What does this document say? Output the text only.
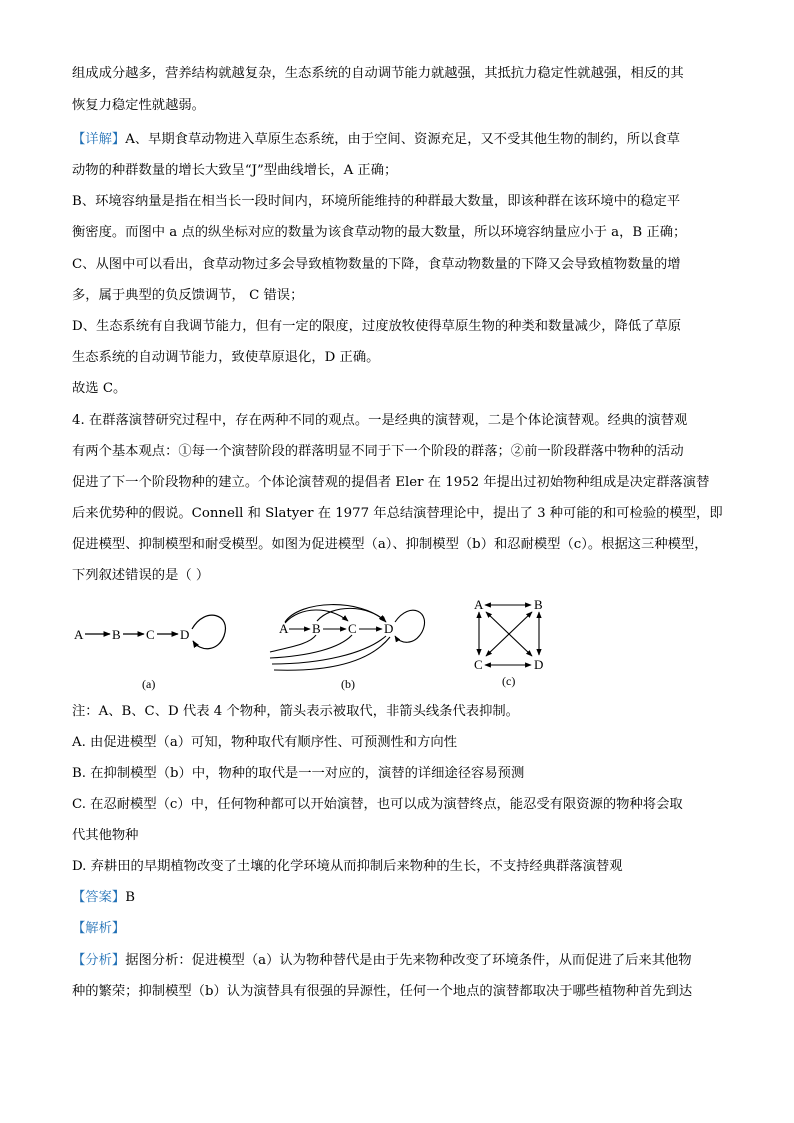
组成成分越多，营养结构就越复杂，生态系统的自动调节能力就越强，其抵抗力稳定性就越强，相反的其
恢复力稳定性就越弱。
【详解】A、早期食草动物进入草原生态系统，由于空间、资源充足，又不受其他生物的制约，所以食草
动物的种群数量的增长大致呈“J”型曲线增长，A 正确；
B、环境容纳量是指在相当长一段时间内，环境所能维持的种群最大数量，即该种群在该环境中的稳定平
衡密度。而图中 a 点的纵坐标对应的数量为该食草动物的最大数量，所以环境容纳量应小于 a，B 正确；
C、从图中可以看出，食草动物过多会导致植物数量的下降，食草动物数量的下降又会导致植物数量的增
多，属于典型的负反馈调节， C 错误；
D、生态系统有自我调节能力，但有一定的限度，过度放牧使得草原生物的种类和数量减少，降低了草原
生态系统的自动调节能力，致使草原退化，D 正确。
故选 C。
4. 在群落演替研究过程中，存在两种不同的观点。一是经典的演替观，二是个体论演替观。经典的演替观
有两个基本观点：①每一个演替阶段的群落明显不同于下一个阶段的群落；②前一阶段群落中物种的活动
促进了下一个阶段物种的建立。个体论演替观的提倡者 Eler 在 1952 年提出过初始物种组成是决定群落演替
后来优势种的假说。Connell 和 Slatyer 在 1977 年总结演替理论中，提出了 3 种可能的和可检验的模型，即
促进模型、抑制模型和耐受模型。如图为促进模型（a）、抑制模型（b）和忍耐模型（c）。根据这三种模型，
下列叙述错误的是（ ）
A B C D
(a)
A B C D
(b)
A	B
C	D
(c)
注：A、B、C、D 代表 4 个物种，箭头表示被取代，非箭头线条代表抑制。
A. 由促进模型（a）可知，物种取代有顺序性、可预测性和方向性
B. 在抑制模型（b）中，物种的取代是一一对应的，演替的详细途径容易预测
C. 在忍耐模型（c）中，任何物种都可以开始演替，也可以成为演替终点，能忍受有限资源的物种将会取
代其他物种
D. 弃耕田的早期植物改变了土壤的化学环境从而抑制后来物种的生长，不支持经典群落演替观
【答案】B
【解析】
【分析】据图分析：促进模型（a）认为物种替代是由于先来物种改变了环境条件，从而促进了后来其他物
种的繁荣；抑制模型（b）认为演替具有很强的异源性，任何一个地点的演替都取决于哪些植物种首先到达
